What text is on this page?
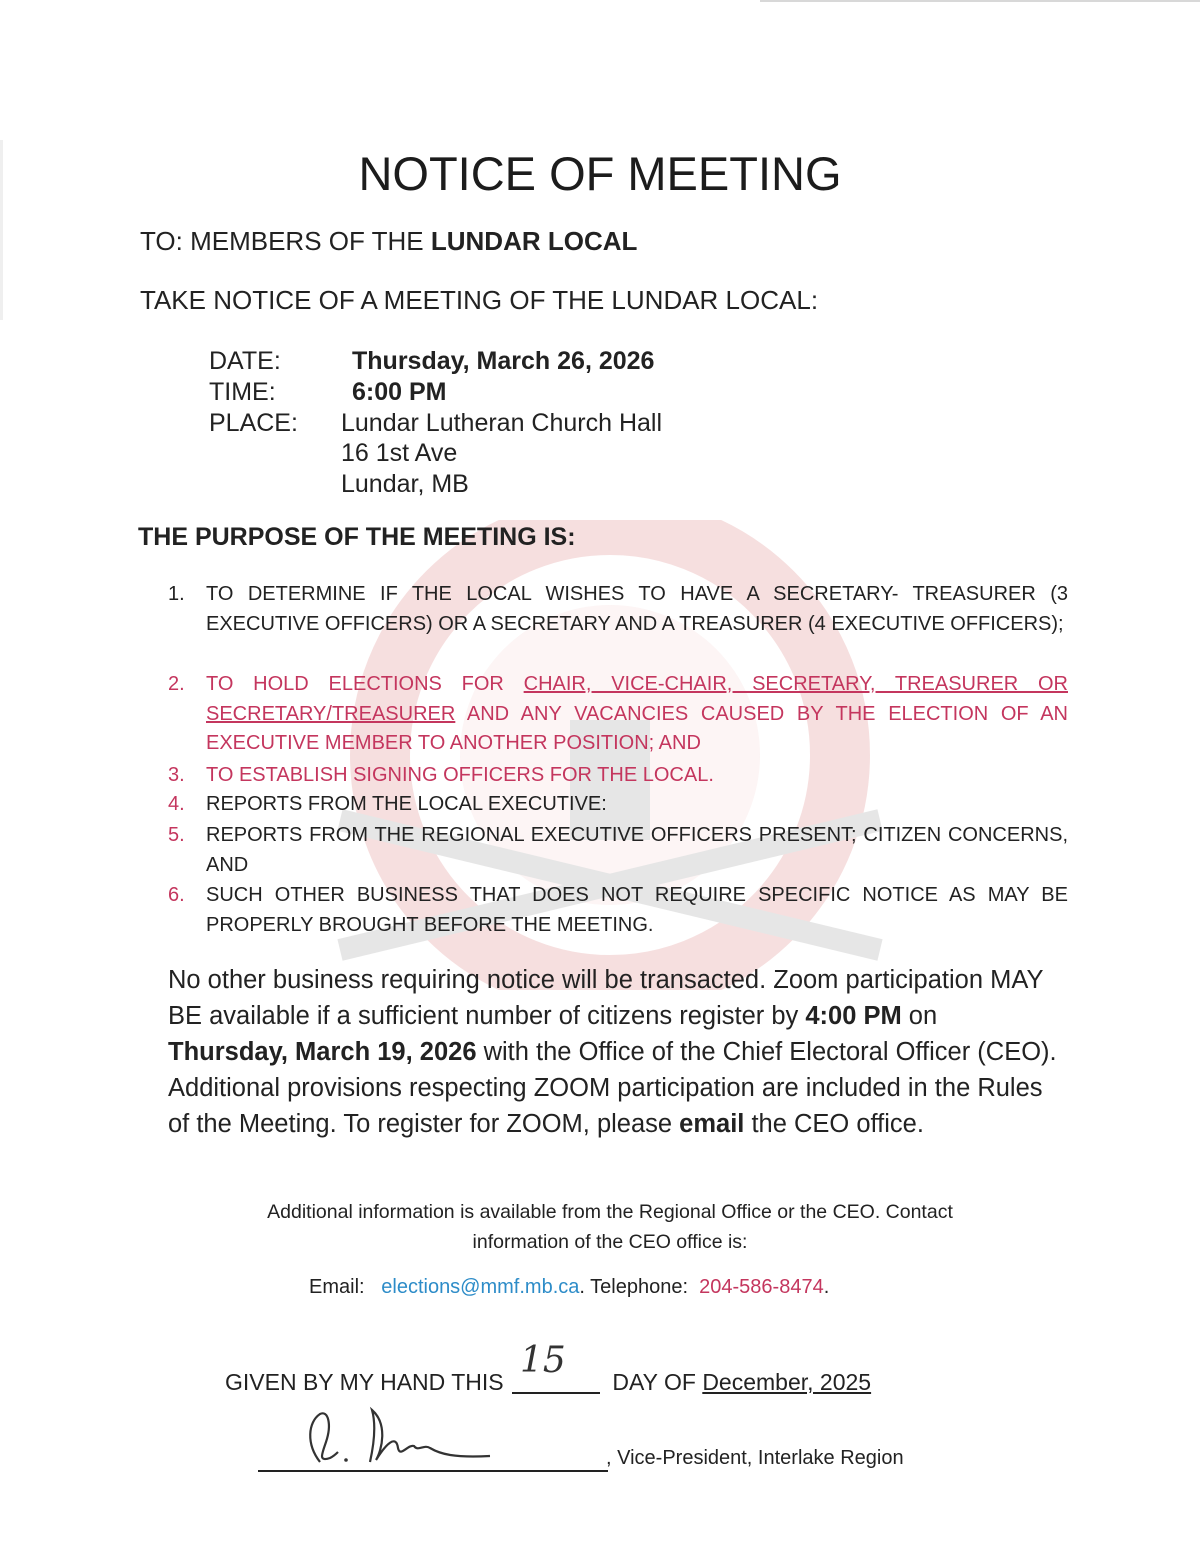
NOTICE OF MEETING
TO: MEMBERS OF THE LUNDAR LOCAL
TAKE NOTICE OF A MEETING OF THE LUNDAR LOCAL:
DATE:	Thursday, March 26, 2026
TIME:	6:00 PM
PLACE:	Lundar Lutheran Church Hall
16 1st Ave
Lundar, MB
THE PURPOSE OF THE MEETING IS:
1.	TO DETERMINE IF THE LOCAL WISHES TO HAVE A SECRETARY- TREASURER (3 EXECUTIVE OFFICERS) OR A SECRETARY AND A TREASURER (4 EXECUTIVE OFFICERS);
2.	TO HOLD ELECTIONS FOR CHAIR, VICE-CHAIR, SECRETARY, TREASURER OR SECRETARY/TREASURER AND ANY VACANCIES CAUSED BY THE ELECTION OF AN EXECUTIVE MEMBER TO ANOTHER POSITION; AND
3.	TO ESTABLISH SIGNING OFFICERS FOR THE LOCAL.
4.	REPORTS FROM THE LOCAL EXECUTIVE:
5.	REPORTS FROM THE REGIONAL EXECUTIVE OFFICERS PRESENT; CITIZEN CONCERNS, AND
6.	SUCH OTHER BUSINESS THAT DOES NOT REQUIRE SPECIFIC NOTICE AS MAY BE PROPERLY BROUGHT BEFORE THE MEETING.
No other business requiring notice will be transacted. Zoom participation MAY BE available if a sufficient number of citizens register by 4:00 PM on Thursday, March 19, 2026 with the Office of the Chief Electoral Officer (CEO). Additional provisions respecting ZOOM participation are included in the Rules of the Meeting. To register for ZOOM, please email the CEO office.
Additional information is available from the Regional Office or the CEO. Contact
information of the CEO office is:
Email: elections@mmf.mb.ca. Telephone: 204-586-8474.
GIVEN BY MY HAND THIS
15
DAY OF December, 2025
, Vice-President, Interlake Region
